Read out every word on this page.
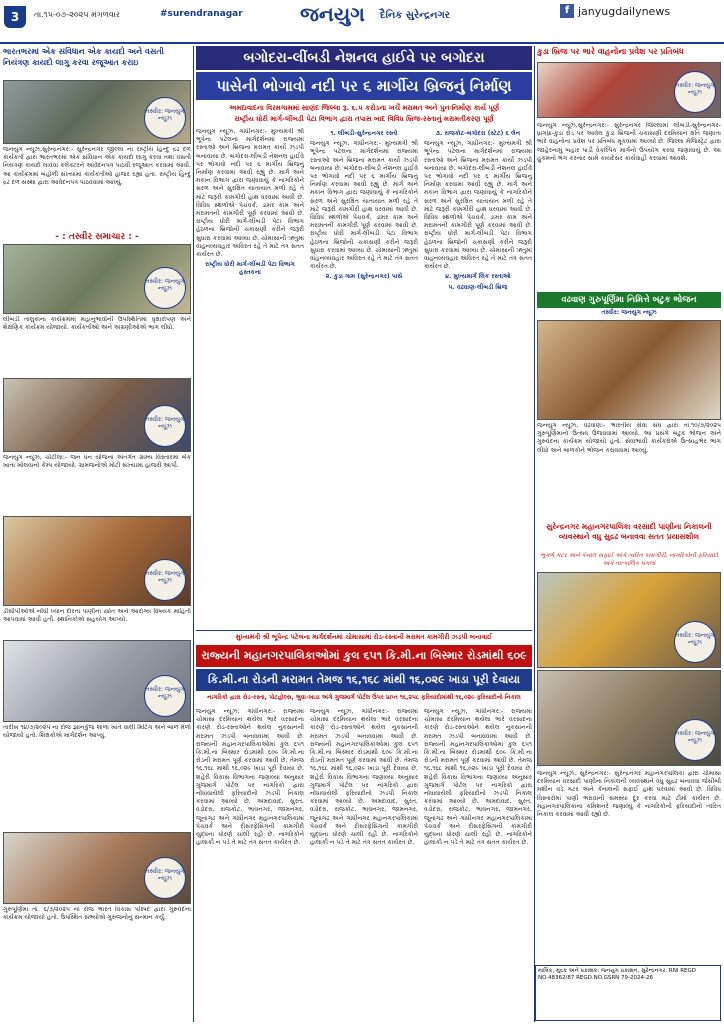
3	તા.૧૫-૦૭-૨૦૨૫ મંગળવાર	#surendranagar	જનયુગ દૈનિક સુરેન્દ્રનગર	f janyugdailynews
ભારતભરમાં એક સંવિધાન એક કાયદો અને વસતી નિયંત્રણ કાયદો લાગુ કરવા રજૂઆત કરાઇ
તસ્વીર: જનયુગ ન્યૂઝ
જનયુગ ન્યૂઝ,સુરેન્દ્રનગર:- સુરેન્દ્રનગર જીલ્લા ના રાષ્ટ્રીય હિન્દુ દ્રઢ દળ કાર્યકર્તા દ્વારા ભારતભરમાં એક સંવિધાન એક કાયદો લાગુ કરવા તથા વસતી નિયંત્રણ કાયદો લાવવા કલેક્ટરને આવેદનપત્ર પાઠવી રજૂઆત કરવામાં આવી. આ કાર્યક્રમમાં બહોળી સંખ્યામાં કાર્યકર્તાઓ હાજર રહ્યા હતા. રાષ્ટ્રીય હિન્દુ દ્રઢ દળ સંસ્થા દ્વારા આવેદનપત્ર પાઠવવામાં આવ્યું.
- : તસ્વીર સમાચાર : -
તસ્વીર: જનયુગ ન્યૂઝ
લીંબડી તાલુકાના કાર્યક્રમમાં મહાનુભાવોની ઉપસ્થિતિમાં વૃક્ષારોપણ અને શૈક્ષણિક કાર્યક્રમ યોજાયો. કાર્યકર્તાઓ અને અગ્રણીઓએ ભાગ લીધો.
તસ્વીર: જનયુગ ન્યૂઝ
જનયુગ ન્યૂઝ, ચોટીલા:- જન ધન યોજના અંતર્ગત ગ્રામ્ય વિસ્તારમાં બેંક ખાતા ખોલવાનો કેમ્પ યોજાયો. ગ્રામજનોએ મોટી સંખ્યામાં હાજરી આપી.
તસ્વીર: જનયુગ ન્યૂઝ
ડીસીપીઓએ નોંધી ધ્યાન દોરતા પાણીના સ્ત્રોત અને આરોગ્ય વિષયક માહિતી આપવામાં આવી હતી. સ્થાનિકોએ સહયોગ આપ્યો.
તસ્વીર: જનયુગ ન્યૂઝ
તારીખ ૧૪/૭/૨૦૨૫ ના રોજ જ્ઞાનકુંજ શાળા ખાતે વાલી મિટિંગ અને બાળ મેળો યોજાયો હતો. શિક્ષકોએ માર્ગદર્શન આપ્યું.
તસ્વીર: જનયુગ ન્યૂઝ
ગુરુપૂર્ણિમા તા. ૬/૭/૨૦૨૫ ના રોજ ભારત વિકાસ પરિષદ દ્વારા ગુરુવંદના કાર્યક્રમ યોજાયો હતો. ઉપસ્થિત સભ્યોએ ગુરુજનોનું સન્માન કર્યું.
બગોદરા-લીંબડી નેશનલ હાઈવે પર બગોદરા
પાસેની ભોગાવો નદી પર ૬ માર્ગીય બ્રિજનું નિર્માણ
અમદાવાદના વિરમગામમાં સાણંદ જિલ્લા રૂ. ૬.૫ કરોડના ખર્ચે મરામત અને પુનઃનિર્માણ કાર્ય પૂર્ણ
રાષ્ટ્રીય ધોરી માર્ગ-લીંબડી પેટા વિભાગ દ્વારા તપાસ બાદ વિવિધ બ્રિજ-રસ્તાનું મરામતીકરણ પૂર્ણ

જનયુગ ન્યૂઝ, ગાંધીનગર:- મુખ્યમંત્રી શ્રી ભૂપેન્દ્ર પટેલના માર્ગદર્શનમાં રાજ્યમાં રસ્તાઓ અને બ્રિજના મરામત કાર્યો ઝડપી બનાવાયા છે. બગોદરા-લીંબડી નેશનલ હાઈવે પર ભોગાવો નદી પર ૬ માર્ગીય બ્રિજનું નિર્માણ કરવામાં આવી રહ્યું છે. માર્ગ અને મકાન વિભાગ દ્વારા જણાવાયું કે નાગરિકોને સરળ અને સુરક્ષિત યાતાયાત મળી રહે તે માટે જરૂરી કામગીરી હાથ ધરવામાં આવી છે. વિવિધ સ્થળોએ પેચવર્ક, ડામર કામ અને મરામતની કામગીરી પૂર્ણ કરવામાં આવી છે. રાષ્ટ્રીય ધોરી માર્ગ-લીંબડી પેટા વિભાગ હેઠળના બ્રિજોની ચકાસણી કરીને જરૂરી સુધારા કરવામાં આવ્યા છે. ચોમાસાની ઋતુમાં વાહનવ્યવહાર અવિરત રહે તે માટે તંત્ર સતત કાર્યરત છે.

રાષ્ટ્રીય ધોરી માર્ગ-લીંબડી પેટા વિભાગ હસ્તકના
૧. લીંબડી-સુરેન્દ્રનગર રસ્તો

જનયુગ ન્યૂઝ, ગાંધીનગર:- મુખ્યમંત્રી શ્રી ભૂપેન્દ્ર પટેલના માર્ગદર્શનમાં રાજ્યમાં રસ્તાઓ અને બ્રિજના મરામત કાર્યો ઝડપી બનાવાયા છે. બગોદરા-લીંબડી નેશનલ હાઈવે પર ભોગાવો નદી પર ૬ માર્ગીય બ્રિજનું નિર્માણ કરવામાં આવી રહ્યું છે. માર્ગ અને મકાન વિભાગ દ્વારા જણાવાયું કે નાગરિકોને સરળ અને સુરક્ષિત યાતાયાત મળી રહે તે માટે જરૂરી કામગીરી હાથ ધરવામાં આવી છે. વિવિધ સ્થળોએ પેચવર્ક, ડામર કામ અને મરામતની કામગીરી પૂર્ણ કરવામાં આવી છે. રાષ્ટ્રીય ધોરી માર્ગ-લીંબડી પેટા વિભાગ હેઠળના બ્રિજોની ચકાસણી કરીને જરૂરી સુધારા કરવામાં આવ્યા છે. ચોમાસાની ઋતુમાં વાહનવ્યવહાર અવિરત રહે તે માટે તંત્ર સતત કાર્યરત છે.

૨. કુડા ગામ (સુરેન્દ્રનગર) પાસે
૩. રાજકોટ-બગોદરા (સ્ટેટ) ૬ લેન

જનયુગ ન્યૂઝ, ગાંધીનગર:- મુખ્યમંત્રી શ્રી ભૂપેન્દ્ર પટેલના માર્ગદર્શનમાં રાજ્યમાં રસ્તાઓ અને બ્રિજના મરામત કાર્યો ઝડપી બનાવાયા છે. બગોદરા-લીંબડી નેશનલ હાઈવે પર ભોગાવો નદી પર ૬ માર્ગીય બ્રિજનું નિર્માણ કરવામાં આવી રહ્યું છે. માર્ગ અને મકાન વિભાગ દ્વારા જણાવાયું કે નાગરિકોને સરળ અને સુરક્ષિત યાતાયાત મળી રહે તે માટે જરૂરી કામગીરી હાથ ધરવામાં આવી છે. વિવિધ સ્થળોએ પેચવર્ક, ડામર કામ અને મરામતની કામગીરી પૂર્ણ કરવામાં આવી છે. રાષ્ટ્રીય ધોરી માર્ગ-લીંબડી પેટા વિભાગ હેઠળના બ્રિજોની ચકાસણી કરીને જરૂરી સુધારા કરવામાં આવ્યા છે. ચોમાસાની ઋતુમાં વાહનવ્યવહાર અવિરત રહે તે માટે તંત્ર સતત કાર્યરત છે.

૪. મુખ્યમાર્ગ લિંક રસ્તાઓ
૫. વઢવાણ-લીંબડી બ્રિજ
મુખ્યમંત્રી શ્રી ભૂપેન્દ્ર પટેલના માર્ગદર્શનમાં ચોમાસામાં રોડ-રસ્તાની મરામત કામગીરી ઝડપી બનાવાઈ
રાજ્યની મહાનગરપાલિકાઓમાં કુલ ૬૫૧ કિ.મી.ના બિસ્માર રોડમાંથી ૬૦૯
કિ.મી.ના રોડની મરામત તેમજ ૧૬,૧૬૮ માંથી ૧૬,૦૨૯ ખાડા પૂરી દેવાયા
નાગરિકો દ્વારા રોડ-રસ્તા, પોટહોલ્સ, ભુવા-ખાડા અંગે ગુજમાર્ગ પોર્ટલ ઉપર પ્રાપ્ત ૧૬,૨૫૮ ફરિયાદોમાંથી ૧૬,૦૨૯ ફરિયાદોનો નિકાલ
જનયુગ ન્યૂઝ, ગાંધીનગર:- રાજ્યમાં ચોમાસા દરમિયાન થયેલા ભારે વરસાદના કારણે રોડ-રસ્તાઓને થયેલ નુકસાનની મરામત ઝડપી બનાવવામાં આવી છે. રાજ્યની મહાનગરપાલિકાઓમાં કુલ ૬૫૧ કિ.મી.ના બિસ્માર રોડમાંથી ૬૦૯ કિ.મી.ના રોડની મરામત પૂર્ણ કરવામાં આવી છે. તેમજ ૧૬,૧૬૮ માંથી ૧૬,૦૨૯ ખાડા પૂરી દેવાયા છે. શહેરી વિકાસ વિભાગના જણાવ્યા અનુસાર ગુજમાર્ગ પોર્ટલ પર નાગરિકો દ્વારા નોંધાવાયેલી ફરિયાદોનો ઝડપી નિકાલ કરવામાં આવ્યો છે. અમદાવાદ, સુરત, વડોદરા, રાજકોટ, ભાવનગર, જામનગર, જૂનાગઢ અને ગાંધીનગર મહાનગરપાલિકામાં પેચવર્ક અને રીસરફેસિંગની કામગીરી યુદ્ધના ધોરણે ચાલી રહી છે. નાગરિકોને હાલાકી ન પડે તે માટે તંત્ર સતત કાર્યરત છે.
જનયુગ ન્યૂઝ, ગાંધીનગર:- રાજ્યમાં ચોમાસા દરમિયાન થયેલા ભારે વરસાદના કારણે રોડ-રસ્તાઓને થયેલ નુકસાનની મરામત ઝડપી બનાવવામાં આવી છે. રાજ્યની મહાનગરપાલિકાઓમાં કુલ ૬૫૧ કિ.મી.ના બિસ્માર રોડમાંથી ૬૦૯ કિ.મી.ના રોડની મરામત પૂર્ણ કરવામાં આવી છે. તેમજ ૧૬,૧૬૮ માંથી ૧૬,૦૨૯ ખાડા પૂરી દેવાયા છે. શહેરી વિકાસ વિભાગના જણાવ્યા અનુસાર ગુજમાર્ગ પોર્ટલ પર નાગરિકો દ્વારા નોંધાવાયેલી ફરિયાદોનો ઝડપી નિકાલ કરવામાં આવ્યો છે. અમદાવાદ, સુરત, વડોદરા, રાજકોટ, ભાવનગર, જામનગર, જૂનાગઢ અને ગાંધીનગર મહાનગરપાલિકામાં પેચવર્ક અને રીસરફેસિંગની કામગીરી યુદ્ધના ધોરણે ચાલી રહી છે. નાગરિકોને હાલાકી ન પડે તે માટે તંત્ર સતત કાર્યરત છે.
જનયુગ ન્યૂઝ, ગાંધીનગર:- રાજ્યમાં ચોમાસા દરમિયાન થયેલા ભારે વરસાદના કારણે રોડ-રસ્તાઓને થયેલ નુકસાનની મરામત ઝડપી બનાવવામાં આવી છે. રાજ્યની મહાનગરપાલિકાઓમાં કુલ ૬૫૧ કિ.મી.ના બિસ્માર રોડમાંથી ૬૦૯ કિ.મી.ના રોડની મરામત પૂર્ણ કરવામાં આવી છે. તેમજ ૧૬,૧૬૮ માંથી ૧૬,૦૨૯ ખાડા પૂરી દેવાયા છે. શહેરી વિકાસ વિભાગના જણાવ્યા અનુસાર ગુજમાર્ગ પોર્ટલ પર નાગરિકો દ્વારા નોંધાવાયેલી ફરિયાદોનો ઝડપી નિકાલ કરવામાં આવ્યો છે. અમદાવાદ, સુરત, વડોદરા, રાજકોટ, ભાવનગર, જામનગર, જૂનાગઢ અને ગાંધીનગર મહાનગરપાલિકામાં પેચવર્ક અને રીસરફેસિંગની કામગીરી યુદ્ધના ધોરણે ચાલી રહી છે. નાગરિકોને હાલાકી ન પડે તે માટે તંત્ર સતત કાર્યરત છે.
કુડા બ્રિજ પર ભારે વાહનોના પ્રવેશ પર પ્રતિબંધ
તસ્વીર: જનયુગ ન્યૂઝ
જનયુગ ન્યૂઝ,સુરેન્દ્રનગર:- સુરેન્દ્રનગર જિલ્લામાં લીંબડી-સુરેન્દ્રનગર-ધ્રાંગધ્રા-કુડા રોડ પર આવેલ કુડા બ્રિજની ચકાસણી દરમિયાન ક્ષતિ જણાતા ભારે વાહનોના પ્રવેશ પર પ્રતિબંધ મૂકવામાં આવ્યો છે. જિલ્લા મેજિસ્ટ્રેટ દ્વારા જાહેરનામું બહાર પાડી વૈકલ્પિક માર્ગનો ઉપયોગ કરવા જણાવાયું છે. આ હુકમનો ભંગ કરનાર સામે કાયદેસર કાર્યવાહી કરવામાં આવશે.
વઢવાણ ગુરુપૂર્ણિમા નિમિત્તે બટુક ભોજન
તસ્વીર: જનયુગ ન્યૂઝ
જનયુગ ન્યૂઝ, વઢવાણ:- ભારતીય સેવા સંઘ દ્વારા તા.૧૦/૭/૨૦૨૫ ગુરુપૂર્ણિમાનો ઉત્સવ ઉજવવામાં આવ્યો. આ પ્રસંગે બટુક ભોજન અને ગુરુવંદના કાર્યક્રમ યોજાયો હતો. સેવાભાવી કાર્યકરોએ ઉત્સાહભેર ભાગ લીધો અને બાળકોને ભોજન કરાવવામાં આવ્યું.
સુરેન્દ્રનગર મહાનગરપાલિકા વરસાદી પાણીના નિકાલની વ્યવસ્થાને વધુ સુદ્રઢ બનાવવા સતત પ્રયાસશીલ
ભૂગર્ભ ગટર અને કેનાલ સફાઈ અંગે ત્વરિત કામગીરી, નાગરિકોની ફરિયાદો અંગે તાત્કાલિક પગલાં
તસ્વીર: જનયુગ ન્યૂઝ
તસ્વીર: જનયુગ ન્યૂઝ
જનયુગ ન્યૂઝ, સુરેન્દ્રનગર:- સુરેન્દ્રનગર મહાનગરપાલિકા દ્વારા ચોમાસા દરમિયાન વરસાદી પાણીના નિકાલની વ્યવસ્થાને વધુ સુદ્રઢ બનાવવા જેસીબી મશીન વડે ગટર અને કેનાલની સફાઈ હાથ ધરવામાં આવી છે. વિવિધ વિસ્તારોમાં પાણી ભરાવાની સમસ્યા દૂર કરવા માટે ટીમો કાર્યરત છે. મહાનગરપાલિકાના કમિશનરે જણાવ્યું કે નાગરિકોની ફરિયાદોનો ત્વરિત નિકાલ કરવામાં આવી રહ્યો છે.
માલિક, મુદ્રક અને પ્રકાશક: જનયુગ પ્રકાશન, સુરેન્દ્રનગર. RNI REGD NO.48362/87 REGD.NO.GSRN 79-2024-26
